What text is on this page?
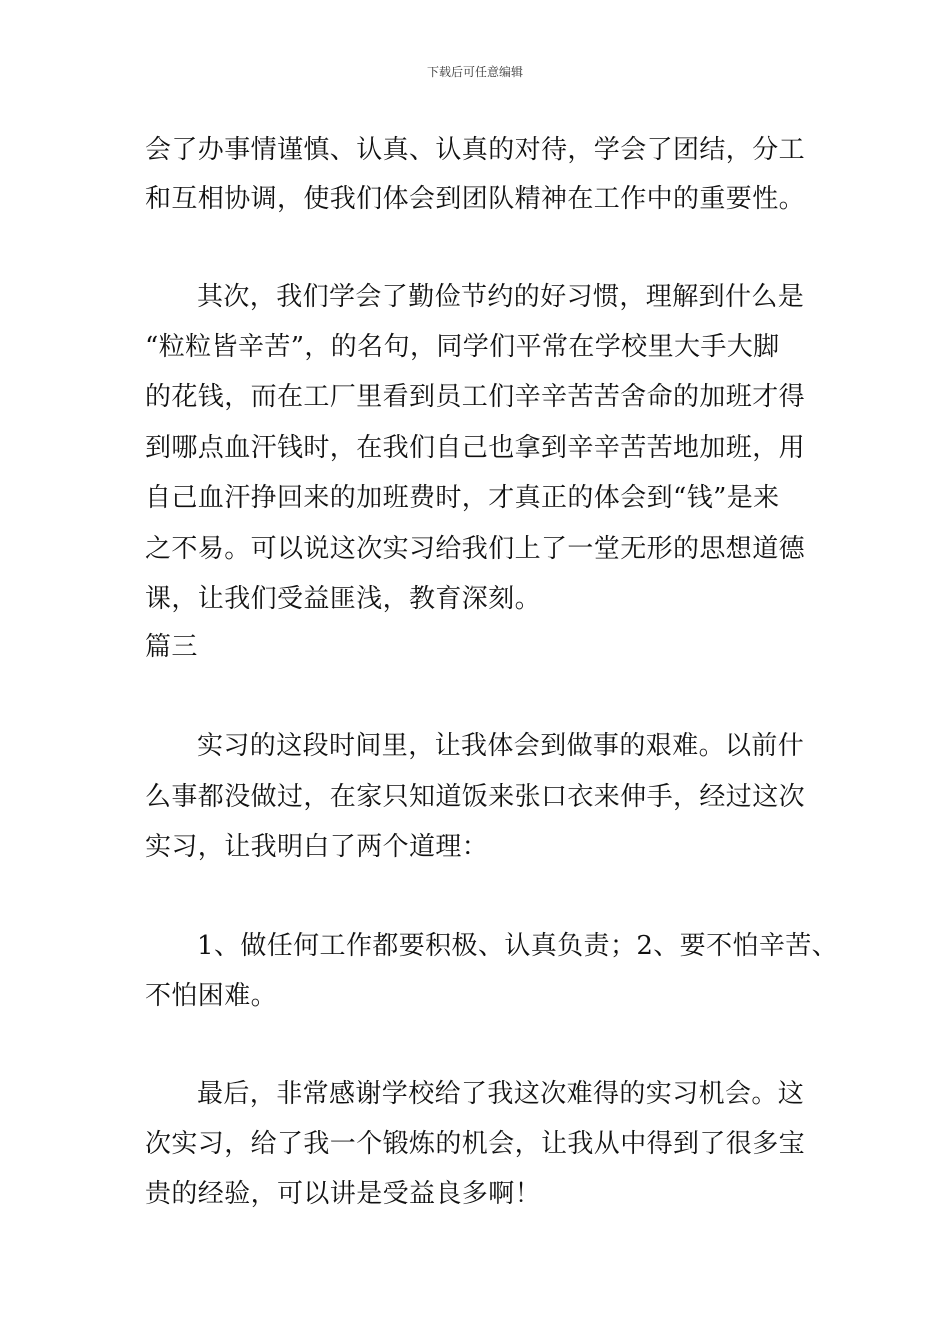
下载后可任意编辑
会了办事情谨慎、认真、认真的对待，学会了团结，分工
和互相协调，使我们体会到团队精神在工作中的重要性。
其次，我们学会了勤俭节约的好习惯，理解到什么是
“粒粒皆辛苦”，的名句，同学们平常在学校里大手大脚
的花钱，而在工厂里看到员工们辛辛苦苦舍命的加班才得
到哪点血汗钱时，在我们自己也拿到辛辛苦苦地加班，用
自己血汗挣回来的加班费时，才真正的体会到“钱”是来
之不易。可以说这次实习给我们上了一堂无形的思想道德
课，让我们受益匪浅，教育深刻。
篇三
实习的这段时间里，让我体会到做事的艰难。以前什
么事都没做过，在家只知道饭来张口衣来伸手，经过这次
实习，让我明白了两个道理：
1、做任何工作都要积极、认真负责；2、要不怕辛苦、
不怕困难。
最后，非常感谢学校给了我这次难得的实习机会。这
次实习，给了我一个锻炼的机会，让我从中得到了很多宝
贵的经验，可以讲是受益良多啊！
